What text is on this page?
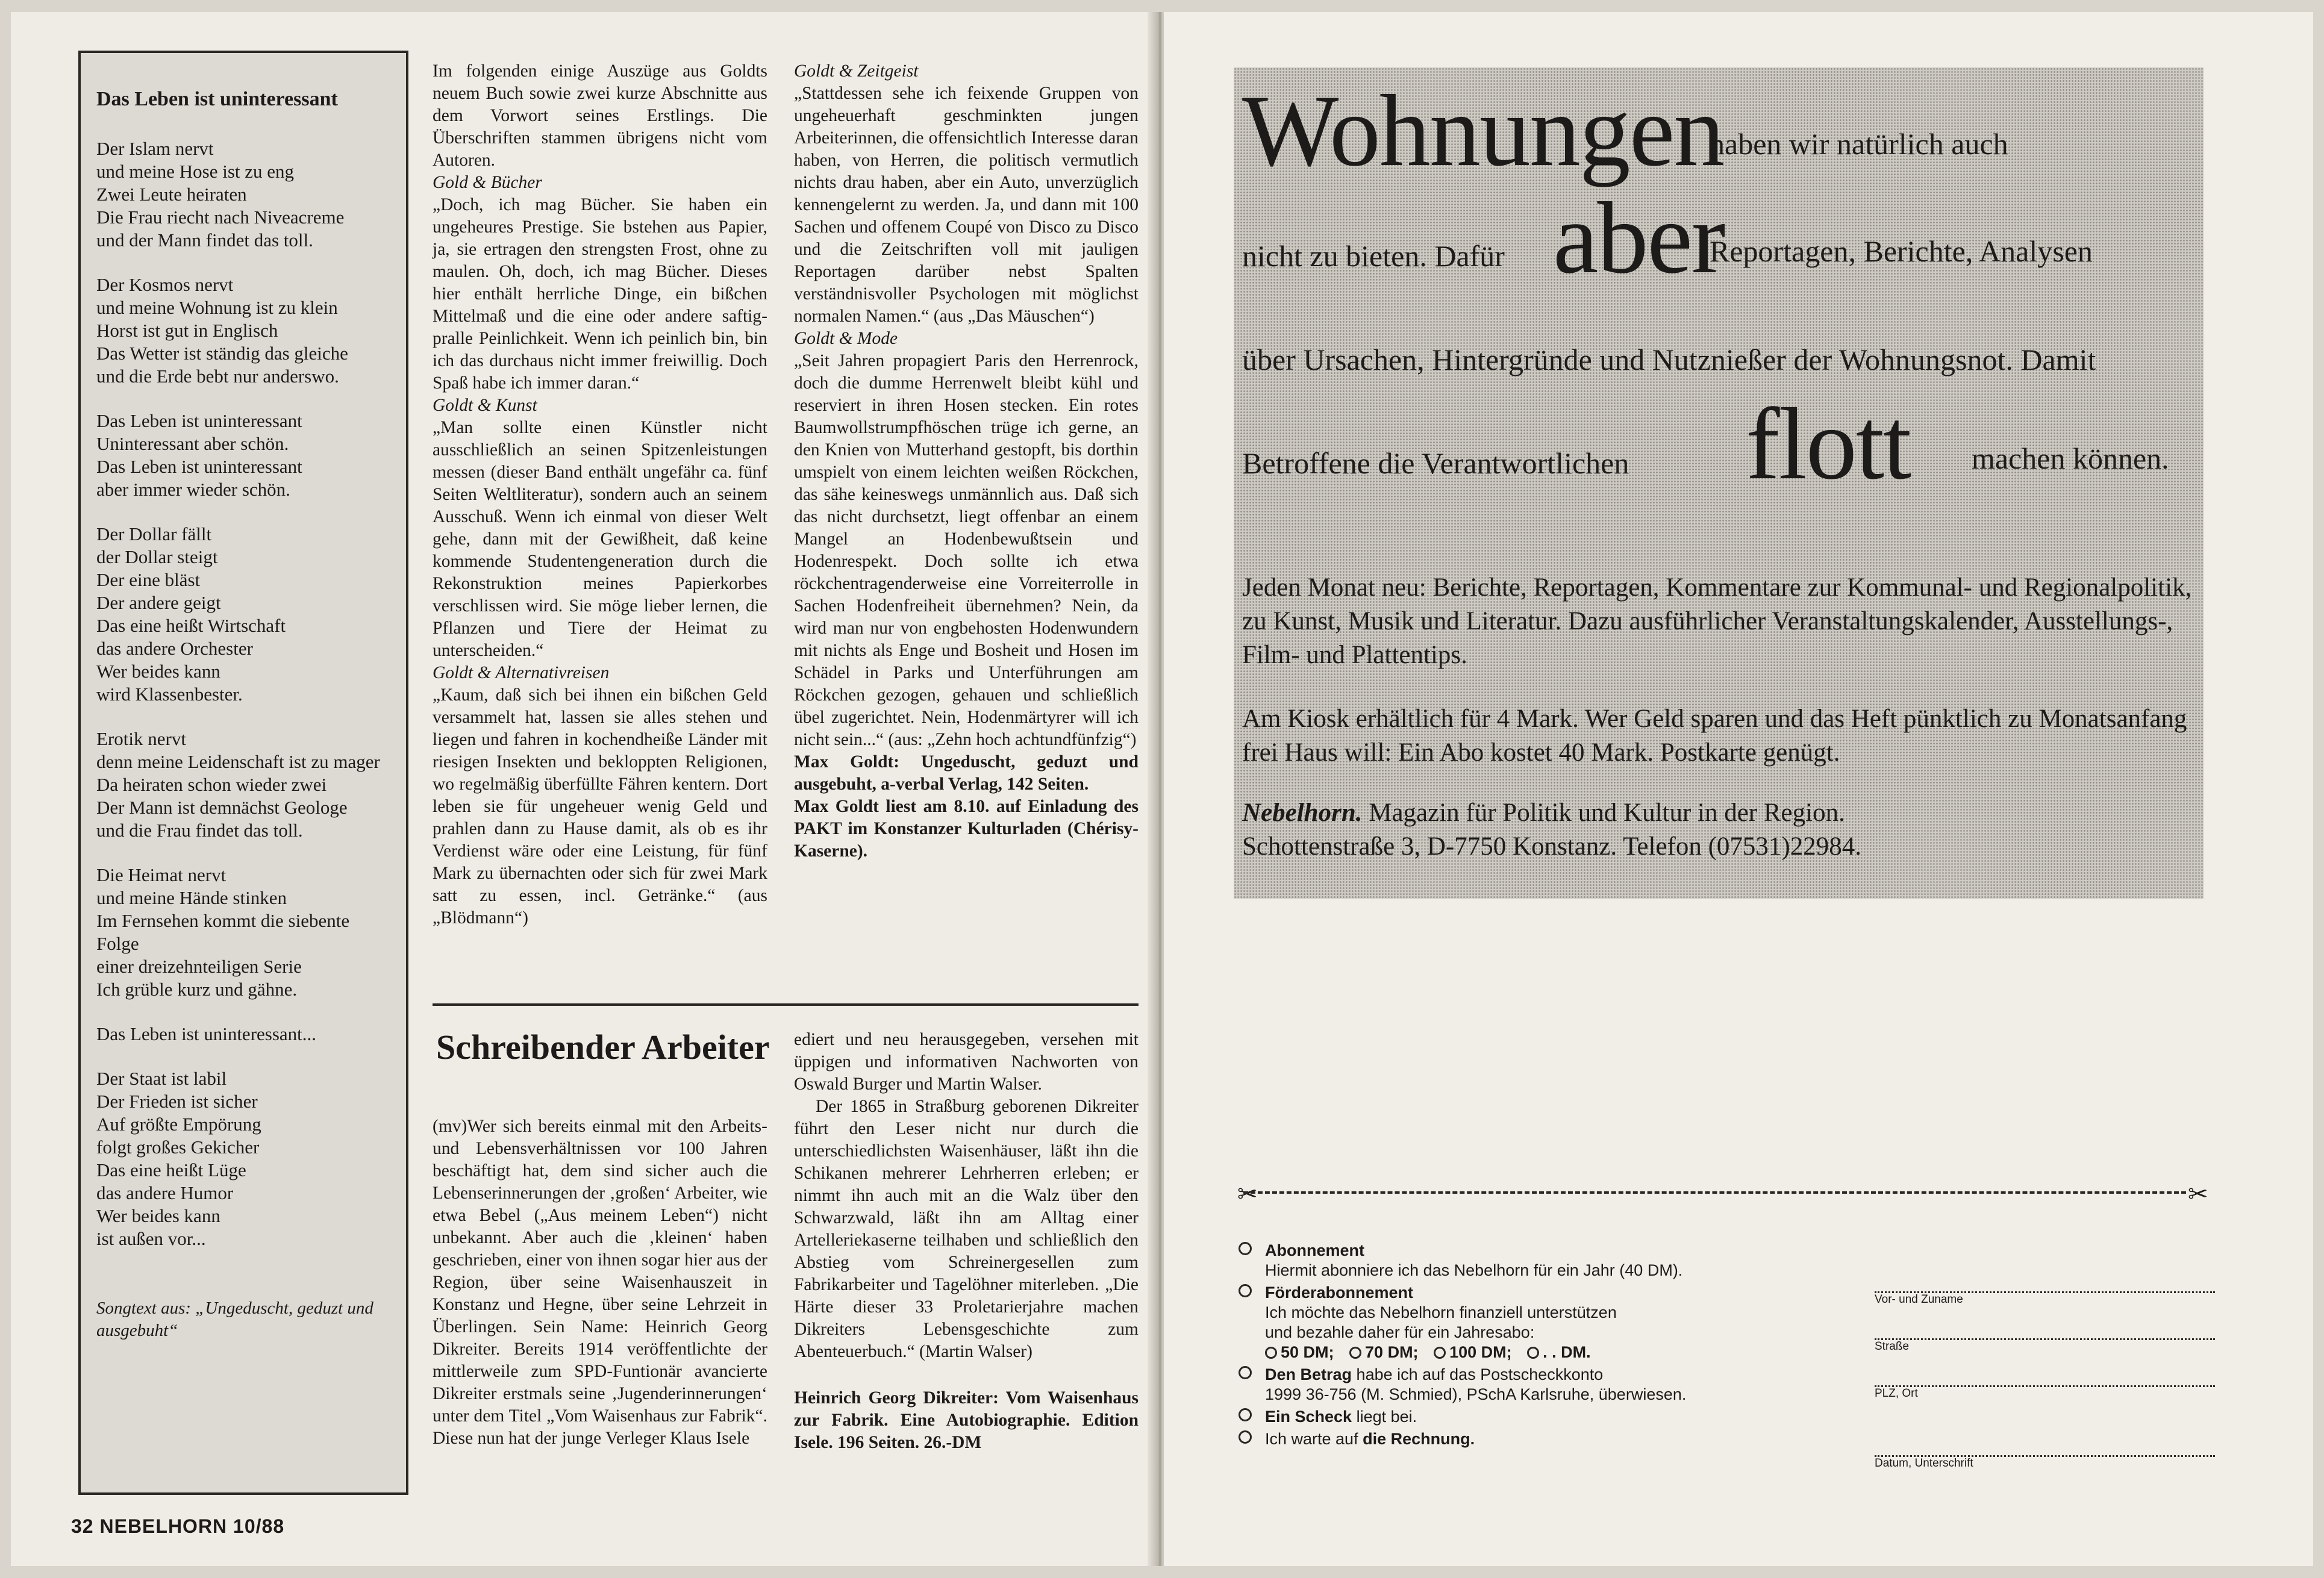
Das Leben ist uninteressant
Der Islam nervt
und meine Hose ist zu eng
Zwei Leute heiraten
Die Frau riecht nach Niveacreme
und der Mann findet das toll.
Der Kosmos nervt
und meine Wohnung ist zu klein
Horst ist gut in Englisch
Das Wetter ist ständig das gleiche
und die Erde bebt nur anderswo.
Das Leben ist uninteressant
Uninteressant aber schön.
Das Leben ist uninteressant
aber immer wieder schön.
Der Dollar fällt
der Dollar steigt
Der eine bläst
Der andere geigt
Das eine heißt Wirtschaft
das andere Orchester
Wer beides kann
wird Klassenbester.
Erotik nervt
denn meine Leidenschaft ist zu mager
Da heiraten schon wieder zwei
Der Mann ist demnächst Geologe
und die Frau findet das toll.
Die Heimat nervt
und meine Hände stinken
Im Fernsehen kommt die siebente
Folge
einer dreizehnteiligen Serie
Ich grüble kurz und gähne.
Das Leben ist uninteressant...
Der Staat ist labil
Der Frieden ist sicher
Auf größte Empörung
folgt großes Gekicher
Das eine heißt Lüge
das andere Humor
Wer beides kann
ist außen vor...
Songtext aus: „Ungeduscht, geduzt und ausgebuht“
32 NEBELHORN 10/88

Im folgenden einige Auszüge aus Goldts neuem Buch sowie zwei kurze Abschnitte aus dem Vorwort seines Erstlings. Die Überschriften stammen übrigens nicht vom Autoren.

Gold & Bücher

„Doch, ich mag Bücher. Sie haben ein ungeheures Prestige. Sie bstehen aus Papier, ja, sie ertragen den strengsten Frost, ohne zu maulen. Oh, doch, ich mag Bücher. Dieses hier enthält herrliche Dinge, ein bißchen Mittelmaß und die eine oder andere saftig-pralle Peinlichkeit. Wenn ich peinlich bin, bin ich das durchaus nicht immer freiwillig. Doch Spaß habe ich immer daran.“

Goldt & Kunst

„Man sollte einen Künstler nicht ausschließlich an seinen Spitzenleistungen messen (dieser Band enthält ungefähr ca. fünf Seiten Weltliteratur), sondern auch an seinem Ausschuß. Wenn ich einmal von dieser Welt gehe, dann mit der Gewißheit, daß keine kommende Studentengeneration durch die Rekonstruktion meines Papierkorbes verschlissen wird. Sie möge lieber lernen, die Pflanzen und Tiere der Heimat zu unterscheiden.“

Goldt & Alternativreisen

„Kaum, daß sich bei ihnen ein bißchen Geld versammelt hat, lassen sie alles stehen und liegen und fahren in kochendheiße Länder mit riesigen Insekten und bekloppten Religionen, wo regelmäßig überfüllte Fähren kentern. Dort leben sie für ungeheuer wenig Geld und prahlen dann zu Hause damit, als ob es ihr Verdienst wäre oder eine Leistung, für fünf Mark zu übernachten oder sich für zwei Mark satt zu essen, incl. Getränke.“ (aus „Blödmann“)

Goldt & Zeitgeist

„Stattdessen sehe ich feixende Gruppen von ungeheuerhaft geschminkten jungen Arbeiterinnen, die offensichtlich Interesse daran haben, von Herren, die politisch vermutlich nichts drau haben, aber ein Auto, unverzüglich kennengelernt zu werden. Ja, und dann mit 100 Sachen und offenem Coupé von Disco zu Disco und die Zeitschriften voll mit jauligen Reportagen darüber nebst Spalten verständnisvoller Psychologen mit möglichst normalen Namen.“ (aus „Das Mäuschen“)

Goldt & Mode

„Seit Jahren propagiert Paris den Herrenrock, doch die dumme Herrenwelt bleibt kühl und reserviert in ihren Hosen stecken. Ein rotes Baumwollstrumpfhöschen trüge ich gerne, an den Knien von Mutterhand gestopft, bis dorthin umspielt von einem leichten weißen Röckchen, das sähe keineswegs unmännlich aus. Daß sich das nicht durchsetzt, liegt offenbar an einem Mangel an Hodenbewußtsein und Hodenrespekt. Doch sollte ich etwa röckchentragenderweise eine Vorreiterrolle in Sachen Hodenfreiheit übernehmen? Nein, da wird man nur von engbehosten Hodenwundern mit nichts als Enge und Bosheit und Hosen im Schädel in Parks und Unterführungen am Röckchen gezogen, gehauen und schließlich übel zugerichtet. Nein, Hodenmärtyrer will ich nicht sein...“ (aus: „Zehn hoch achtundfünfzig“)

Max Goldt: Ungeduscht, geduzt und ausgebuht, a-verbal Verlag, 142 Seiten.

Max Goldt liest am 8.10. auf Einladung des PAKT im Konstanzer Kulturladen (Chérisy-Kaserne).

Schreibender Arbeiter

(mv)Wer sich bereits einmal mit den Arbeits- und Lebensverhältnissen vor 100 Jahren beschäftigt hat, dem sind sicher auch die Lebenserinnerungen der ‚großen‘ Arbeiter, wie etwa Bebel („Aus meinem Leben“) nicht unbekannt. Aber auch die ‚kleinen‘ haben geschrieben, einer von ihnen sogar hier aus der Region, über seine Waisenhauszeit in Konstanz und Hegne, über seine Lehrzeit in Überlingen. Sein Name: Heinrich Georg Dikreiter. Bereits 1914 veröffentlichte der mittlerweile zum SPD-Funtionär avancierte Dikreiter erstmals seine ‚Jugenderinnerungen‘ unter dem Titel „Vom Waisenhaus zur Fabrik“. Diese nun hat der junge Verleger Klaus Isele

ediert und neu herausgegeben, versehen mit üppigen und informativen Nachworten von Oswald Burger und Martin Walser.

Der 1865 in Straßburg geborenen Dikreiter führt den Leser nicht nur durch die unterschiedlichsten Waisenhäuser, läßt ihn die Schikanen mehrerer Lehrherren erleben; er nimmt ihn auch mit an die Walz über den Schwarzwald, läßt ihn am Alltag einer Artelleriekaserne teilhaben und schließlich den Abstieg vom Schreinergesellen zum Fabrikarbeiter und Tagelöhner miterleben. „Die Härte dieser 33 Proletarierjahre machen Dikreiters Lebensgeschichte zum Abenteuerbuch.“ (Martin Walser)

Heinrich Georg Dikreiter: Vom Waisenhaus zur Fabrik. Eine Autobiographie. Edition Isele. 196 Seiten. 26.-DM

Wohnungen
haben wir natürlich auch
nicht zu bieten. Dafür aber
Reportagen, Berichte, Analysen
über Ursachen, Hintergründe und Nutznießer der Wohnungsnot. Damit
Betroffene die Verantwortlichen flott machen können.
Jeden Monat neu: Berichte, Reportagen, Kommentare zur Kommunal- und Regionalpolitik, zu Kunst, Musik und Literatur. Dazu ausführlicher Veranstaltungskalender, Ausstellungs-, Film- und Plattentips.
Am Kiosk erhältlich für 4 Mark. Wer Geld sparen und das Heft pünktlich zu Monatsanfang frei Haus will: Ein Abo kostet 40 Mark. Postkarte genügt.
Nebelhorn. Magazin für Politik und Kultur in der Region.
Schottenstraße 3, D-7750 Konstanz. Telefon (07531)22984.
✂	✂
Abonnement
Hiermit abonniere ich das Nebelhorn für ein Jahr (40 DM).
Förderabonnement
Ich möchte das Nebelhorn finanziell unterstützen
und bezahle daher für ein Jahresabo:
50 DM; 70 DM; 100 DM; . . DM.
Den Betrag habe ich auf das Postscheckkonto
1999 36-756 (M. Schmied), PSchA Karlsruhe, überwiesen.
Ein Scheck liegt bei.
Ich warte auf die Rechnung.
Vor- und Zuname
Straße
PLZ, Ort
Datum, Unterschrift
